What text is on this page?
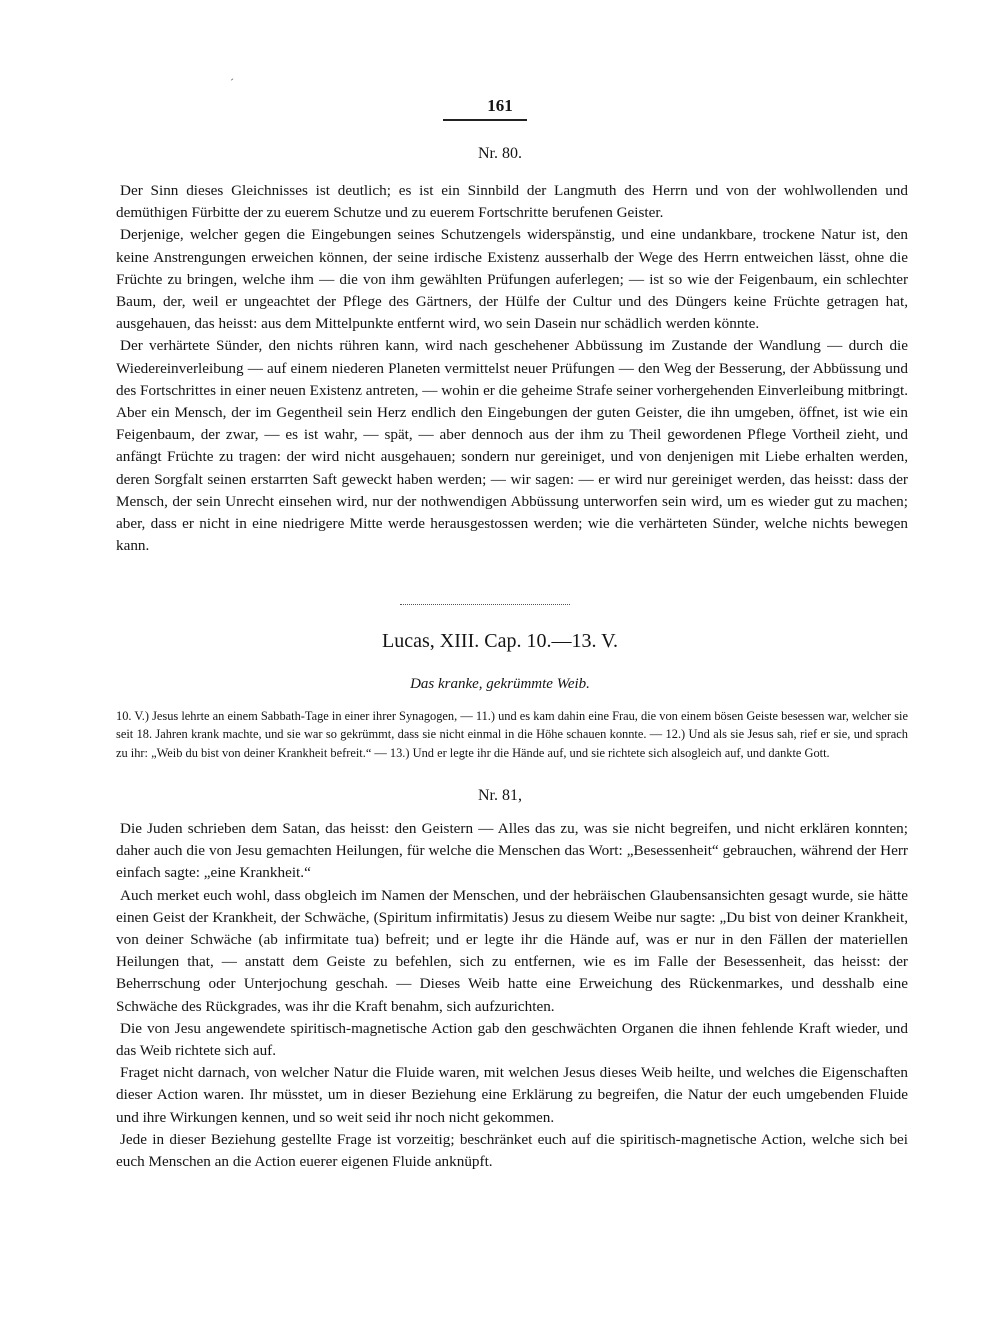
ˊ
161
Nr. 80.

Der Sinn dieses Gleichnisses ist deutlich; es ist ein Sinnbild der Langmuth des Herrn und von der wohlwollenden und demüthigen Fürbitte der zu euerem Schutze und zu euerem Fortschritte berufenen Geister.

Derjenige, welcher gegen die Eingebungen seines Schutzengels widerspänstig, und eine undankbare, trockene Natur ist, den keine Anstrengungen erweichen können, der seine irdische Existenz ausserhalb der Wege des Herrn entweichen lässt, ohne die Früchte zu bringen, welche ihm — die von ihm gewählten Prüfungen auferlegen; — ist so wie der Feigenbaum, ein schlechter Baum, der, weil er ungeachtet der Pflege des Gärtners, der Hülfe der Cultur und des Düngers keine Früchte getragen hat, ausgehauen, das heisst: aus dem Mittelpunkte entfernt wird, wo sein Dasein nur schädlich werden könnte.

Der verhärtete Sünder, den nichts rühren kann, wird nach geschehener Abbüssung im Zustande der Wandlung — durch die Wiedereinverleibung — auf einem niederen Planeten vermittelst neuer Prüfungen — den Weg der Besserung, der Abbüssung und des Fortschrittes in einer neuen Existenz antreten, — wohin er die geheime Strafe seiner vorhergehenden Einverleibung mitbringt. Aber ein Mensch, der im Gegentheil sein Herz endlich den Eingebungen der guten Geister, die ihn umgeben, öffnet, ist wie ein Feigenbaum, der zwar, — es ist wahr, — spät, — aber dennoch aus der ihm zu Theil gewordenen Pflege Vortheil zieht, und anfängt Früchte zu tragen: der wird nicht ausgehauen; sondern nur gereiniget, und von denjenigen mit Liebe erhalten werden, deren Sorgfalt seinen erstarrten Saft geweckt haben werden; — wir sagen: — er wird nur gereiniget werden, das heisst: dass der Mensch, der sein Unrecht einsehen wird, nur der nothwendigen Abbüssung unterworfen sein wird, um es wieder gut zu machen; aber, dass er nicht in eine niedrigere Mitte werde herausgestossen werden; wie die verhärteten Sünder, welche nichts bewegen kann.

Lucas, XIII. Cap. 10.—13. V.
Das kranke, gekrümmte Weib.

10. V.) Jesus lehrte an einem Sabbath-Tage in einer ihrer Synagogen, — 11.) und es kam dahin eine Frau, die von einem bösen Geiste besessen war, welcher sie seit 18. Jahren krank machte, und sie war so gekrümmt, dass sie nicht einmal in die Höhe schauen konnte. — 12.) Und als sie Jesus sah, rief er sie, und sprach zu ihr: „Weib du bist von deiner Krankheit befreit.“ — 13.) Und er legte ihr die Hände auf, und sie richtete sich alsogleich auf, und dankte Gott.

Nr. 81,

Die Juden schrieben dem Satan, das heisst: den Geistern — Alles das zu, was sie nicht begreifen, und nicht erklären konnten; daher auch die von Jesu gemachten Heilungen, für welche die Menschen das Wort: „Besessenheit“ gebrauchen, während der Herr einfach sagte: „eine Krankheit.“

Auch merket euch wohl, dass obgleich im Namen der Menschen, und der hebräischen Glaubensansichten gesagt wurde, sie hätte einen Geist der Krankheit, der Schwäche, (Spiritum infirmitatis) Jesus zu diesem Weibe nur sagte: „Du bist von deiner Krankheit, von deiner Schwäche (ab infirmitate tua) befreit; und er legte ihr die Hände auf, was er nur in den Fällen der materiellen Heilungen that, — anstatt dem Geiste zu befehlen, sich zu entfernen, wie es im Falle der Besessenheit, das heisst: der Beherrschung oder Unterjochung geschah. — Dieses Weib hatte eine Erweichung des Rückenmarkes, und desshalb eine Schwäche des Rückgrades, was ihr die Kraft benahm, sich aufzurichten.

Die von Jesu angewendete spiritisch-magnetische Action gab den geschwächten Organen die ihnen fehlende Kraft wieder, und das Weib richtete sich auf.

Fraget nicht darnach, von welcher Natur die Fluide waren, mit welchen Jesus dieses Weib heilte, und welches die Eigenschaften dieser Action waren. Ihr müsstet, um in dieser Beziehung eine Erklärung zu begreifen, die Natur der euch umgebenden Fluide und ihre Wirkungen kennen, und so weit seid ihr noch nicht gekommen.

Jede in dieser Beziehung gestellte Frage ist vorzeitig; beschränket euch auf die spiritisch-magnetische Action, welche sich bei euch Menschen an die Action euerer eigenen Fluide anknüpft.
